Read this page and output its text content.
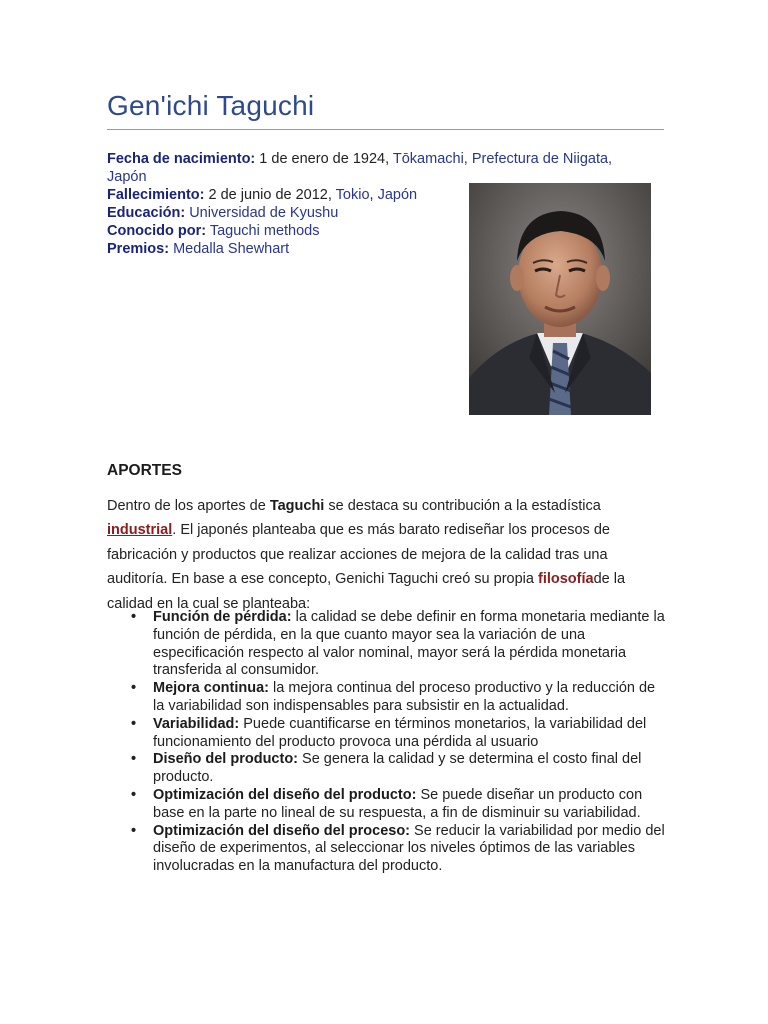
Gen'ichi Taguchi
Fecha de nacimiento: 1 de enero de 1924, Tōkamachi, Prefectura de Niigata, Japón
Fallecimiento: 2 de junio de 2012, Tokio, Japón
Educación: Universidad de Kyushu
Conocido por: Taguchi methods
Premios: Medalla Shewhart
APORTES

Dentro de los aportes de Taguchi se destaca su contribución a la estadística industrial. El japonés planteaba que es más barato rediseñar los procesos de fabricación y productos que realizar acciones de mejora de la calidad tras una auditoría. En base a ese concepto, Genichi Taguchi creó su propia filosofíade la calidad en la cual se planteaba:

• Función de pérdida: la calidad se debe definir en forma monetaria mediante la función de pérdida, en la que cuanto mayor sea la variación de una especificación respecto al valor nominal, mayor será la pérdida monetaria transferida al consumidor.
• Mejora continua: la mejora continua del proceso productivo y la reducción de la variabilidad son indispensables para subsistir en la actualidad.
• Variabilidad: Puede cuantificarse en términos monetarios, la variabilidad del funcionamiento del producto provoca una pérdida al usuario
• Diseño del producto: Se genera la calidad y se determina el costo final del producto.
• Optimización del diseño del producto: Se puede diseñar un producto con base en la parte no lineal de su respuesta, a fin de disminuir su variabilidad.
• Optimización del diseño del proceso: Se reducir la variabilidad por medio del diseño de experimentos, al seleccionar los niveles óptimos de las variables involucradas en la manufactura del producto.
